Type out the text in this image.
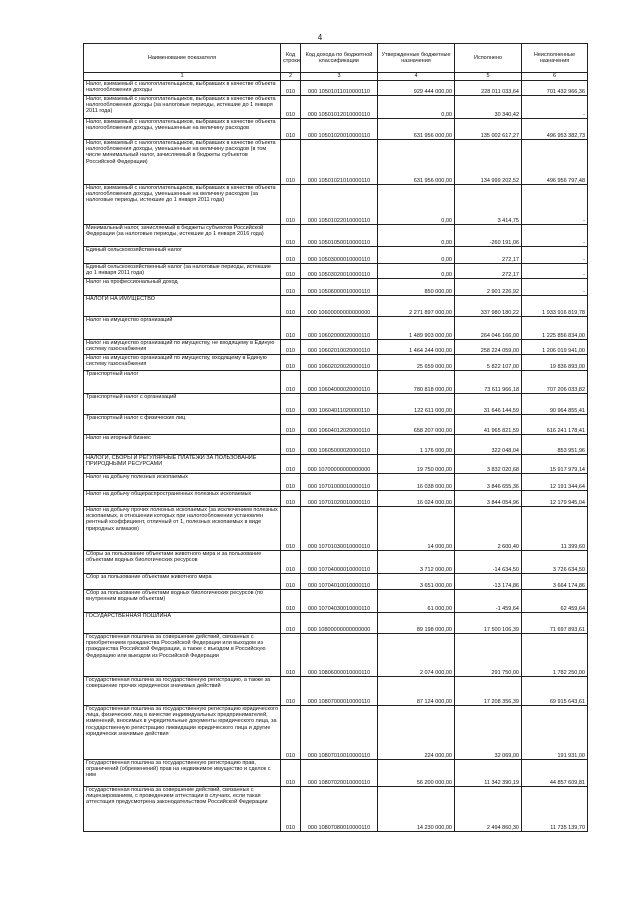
4
Наименование показателя	Код строки	Код дохода по бюджетной классификации	Утвержденные бюджетные назначения	Исполнено	Неисполненные назначения
1	2	3	4	5	6
Налог, взимаемый с налогоплательщиков, выбравших в качестве объекта налогообложения доходы	010	000 10501011010000110	929 444 000,00	228 011 033,64	701 432 966,36
Налог, взимаемый с налогоплательщиков, выбравших в качестве объекта налогообложения доходы (за налоговые периоды, истекшие до 1 января 2011 года)	010	000 10501012010000110	0,00	30 340,42	-
Налог, взимаемый с налогоплательщиков, выбравших в качестве объекта налогообложения доходы, уменьшенные на величину расходов	010	000 10501020010000110	631 956 000,00	135 002 617,27	496 953 382,73
Налог, взимаемый с налогоплательщиков, выбравших в качестве объекта налогообложения доходы, уменьшенные на величину расходов (в том числе минимальный налог, зачисляемый в бюджеты субъектов Российской Федерации)	010	000 10501021010000110	631 956 000,00	134 999 202,52	496 956 797,48
Налог, взимаемый с налогоплательщиков, выбравших в качестве объекта налогообложения доходы, уменьшенные на величину расходов (за налоговые периоды, истекшие до 1 января 2011 года)	010	000 10501022010000110	0,00	3 414,75	-
Минимальный налог, зачисляемый в бюджеты субъектов Российской Федерации (за налоговые периоды, истекшие до 1 января 2016 года)	010	000 10501050010000110	0,00	-260 191,06	-
Единый сельскохозяйственный налог	010	000 10503000010000110	0,00	272,17	-
Единый сельскохозяйственный налог (за налоговые периоды, истекшие до 1 января 2011 года)	010	000 10503020010000110	0,00	272,17	-
Налог на профессиональный доход	010	000 10506000010000110	850 000,00	2 901 226,92	-
НАЛОГИ НА ИМУЩЕСТВО	010	000 10600000000000000	2 271 897 000,00	337 980 180,22	1 933 916 819,78
Налог на имущество организаций	010	000 10602000020000110	1 489 903 000,00	264 046 166,00	1 225 856 834,00
Налог на имущество организаций по имуществу, не входящему в Единую систему газоснабжения	010	000 10602010020000110	1 464 244 000,00	258 224 059,00	1 206 019 941,00
Налог на имущество организаций по имуществу, входящему в Единую систему газоснабжения	010	000 10602020020000110	25 659 000,00	5 822 107,00	19 836 893,00
Транспортный налог	010	000 10604000020000110	780 818 000,00	73 611 966,18	707 206 033,82
Транспортный налог с организаций	010	000 10604011020000110	122 611 000,00	31 646 144,59	90 964 855,41
Транспортный налог с физических лиц	010	000 10604012020000110	658 207 000,00	41 965 821,59	616 241 178,41
Налог на игорный бизнес	010	000 10605000020000110	1 176 000,00	322 048,04	853 951,96
НАЛОГИ, СБОРЫ И РЕГУЛЯРНЫЕ ПЛАТЕЖИ ЗА ПОЛЬЗОВАНИЕ ПРИРОДНЫМИ РЕСУРСАМИ	010	000 10700000000000000	19 750 000,00	3 832 020,68	15 917 979,14
Налог на добычу полезных ископаемых	010	000 10701000010000110	16 038 000,00	3 846 655,36	12 191 344,64
Налог на добычу общераспространенных полезных ископаемых	010	000 10701020010000110	16 024 000,00	3 844 054,96	12 179 945,04
Налог на добычу прочих полезных ископаемых (за исключением полезных ископаемых, в отношении которых при налогообложении установлен рентный коэффициент, отличный от 1, полезных ископаемых в виде природных алмазов)	010	000 10701030010000110	14 000,00	2 600,40	11 399,60
Сборы за пользование объектами животного мира и за пользование объектами водных биологических ресурсов	010	000 10704000010000110	3 712 000,00	-14 634,50	3 726 634,50
Сбор за пользование объектами животного мира	010	000 10704010010000110	3 651 000,00	-13 174,86	3 664 174,86
Сбор за пользование объектами водных биологических ресурсов (по внутренним водным объектам)	010	000 10704030010000110	61 000,00	-1 459,64	62 459,64
ГОСУДАРСТВЕННАЯ ПОШЛИНА	010	000 10800000000000000	89 198 000,00	17 500 106,39	71 697 893,61
Государственная пошлина за совершение действий, связанных с приобретением гражданства Российской Федерации или выходом из гражданства Российской Федерации, а также с въездом в Российскую Федерацию или выездом из Российской Федерации	010	000 10806000010000110	2 074 000,00	291 750,00	1 782 250,00
Государственная пошлина за государственную регистрацию, а также за совершение прочих юридически значимых действий	010	000 10807000010000110	87 124 000,00	17 208 356,39	69 915 643,61
Государственная пошлина за государственную регистрацию юридического лица, физических лиц в качестве индивидуальных предпринимателей, изменений, вносимых в учредительные документы юридического лица, за государственную регистрацию ликвидации юридического лица и другие юридически значимые действия	010	000 10807010010000110	224 000,00	32 069,00	191 931,00
Государственная пошлина за государственную регистрацию прав, ограничений (обременений) прав на недвижимое имущество и сделок с ним	010	000 10807020010000110	56 200 000,00	11 342 390,19	44 857 609,81
Государственная пошлина за совершение действий, связанных с лицензированием, с проведением аттестации в случаях, если такая аттестация предусмотрена законодательством Российской Федерации	010	000 10807080010000110	14 230 000,00	2 494 860,30	11 735 139,70
